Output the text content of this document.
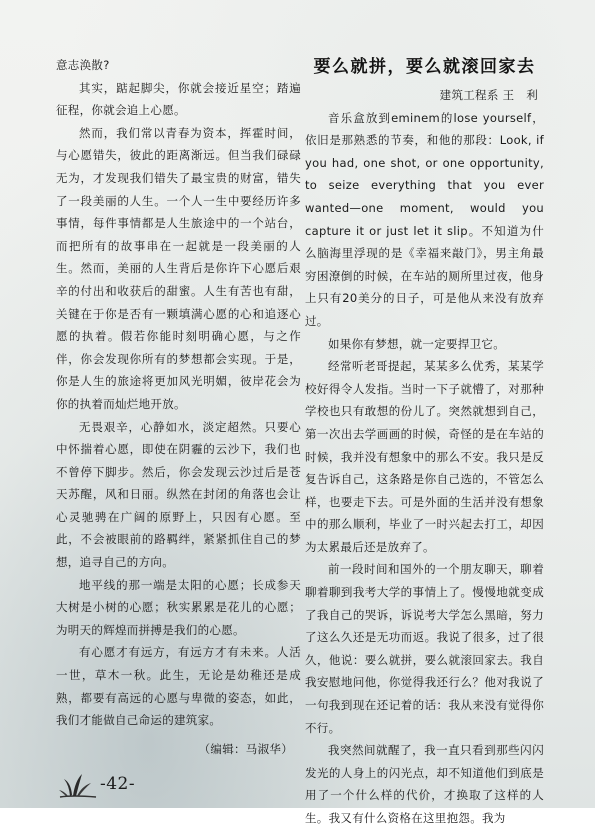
意志涣散?

其实，踮起脚尖，你就会接近星空；踏遍征程，你就会追上心愿。

然而，我们常以青春为资本，挥霍时间，与心愿错失，彼此的距离渐远。但当我们碌碌无为，才发现我们错失了最宝贵的财富，错失了一段美丽的人生。一个人一生中要经历许多事情，每件事情都是人生旅途中的一个站台，而把所有的故事串在一起就是一段美丽的人生。然而，美丽的人生背后是你许下心愿后艰辛的付出和收获后的甜蜜。人生有苦也有甜，关键在于你是否有一颗填满心愿的心和追逐心愿的执着。假若你能时刻明确心愿，与之作伴，你会发现你所有的梦想都会实现。于是，你是人生的旅途将更加风光明媚，彼岸花会为你的执着而灿烂地开放。

无畏艰辛，心静如水，淡定超然。只要心中怀揣着心愿，即使在阴霾的云沙下，我们也不曾停下脚步。然后，你会发现云沙过后是苍天苏醒，风和日丽。纵然在封闭的角落也会让心灵驰骋在广阔的原野上，只因有心愿。至此，不会被眼前的路羁绊，紧紧抓住自己的梦想，追寻自己的方向。

地平线的那一端是太阳的心愿；长成参天大树是小树的心愿；秋实累累是花儿的心愿；为明天的辉煌而拼搏是我们的心愿。

有心愿才有远方，有远方才有未来。人活一世，草木一秋。此生，无论是幼稚还是成熟，都要有高远的心愿与卑微的姿态，如此，我们才能做自己命运的建筑家。

（编辑：马淑华）
要么就拼，要么就滚回家去
建筑工程系 王　利

音乐盒放到eminem的lose yourself，依旧是那熟悉的节奏，和他的那段：Look, if you had, one shot, or one opportunity, to seize everything that you ever wanted—one moment, would you capture it or just let it slip。不知道为什么脑海里浮现的是《幸福来敲门》，男主角最穷困潦倒的时候，在车站的厕所里过夜，他身上只有20美分的日子，可是他从来没有放弃过。

如果你有梦想，就一定要捍卫它。

经常听老哥提起，某某多么优秀，某某学校好得令人发指。当时一下子就懵了，对那种学校也只有敢想的份儿了。突然就想到自己，第一次出去学画画的时候，奇怪的是在车站的时候，我并没有想象中的那么不安。我只是反复告诉自己，这条路是你自己选的，不管怎么样，也要走下去。可是外面的生活并没有想象中的那么顺利，毕业了一时兴起去打工，却因为太累最后还是放弃了。

前一段时间和国外的一个朋友聊天，聊着聊着聊到我考大学的事情上了。慢慢地就变成了我自己的哭诉，诉说考大学怎么黑暗，努力了这么久还是无功而返。我说了很多，过了很久，他说：要么就拼，要么就滚回家去。我自我安慰地问他，你觉得我还行么？他对我说了一句我到现在还记着的话：我从来没有觉得你不行。

我突然间就醒了，我一直只看到那些闪闪发光的人身上的闪光点，却不知道他们到底是用了一个什么样的代价，才换取了这样的人生。我又有什么资格在这里抱怨。我为

-42-
